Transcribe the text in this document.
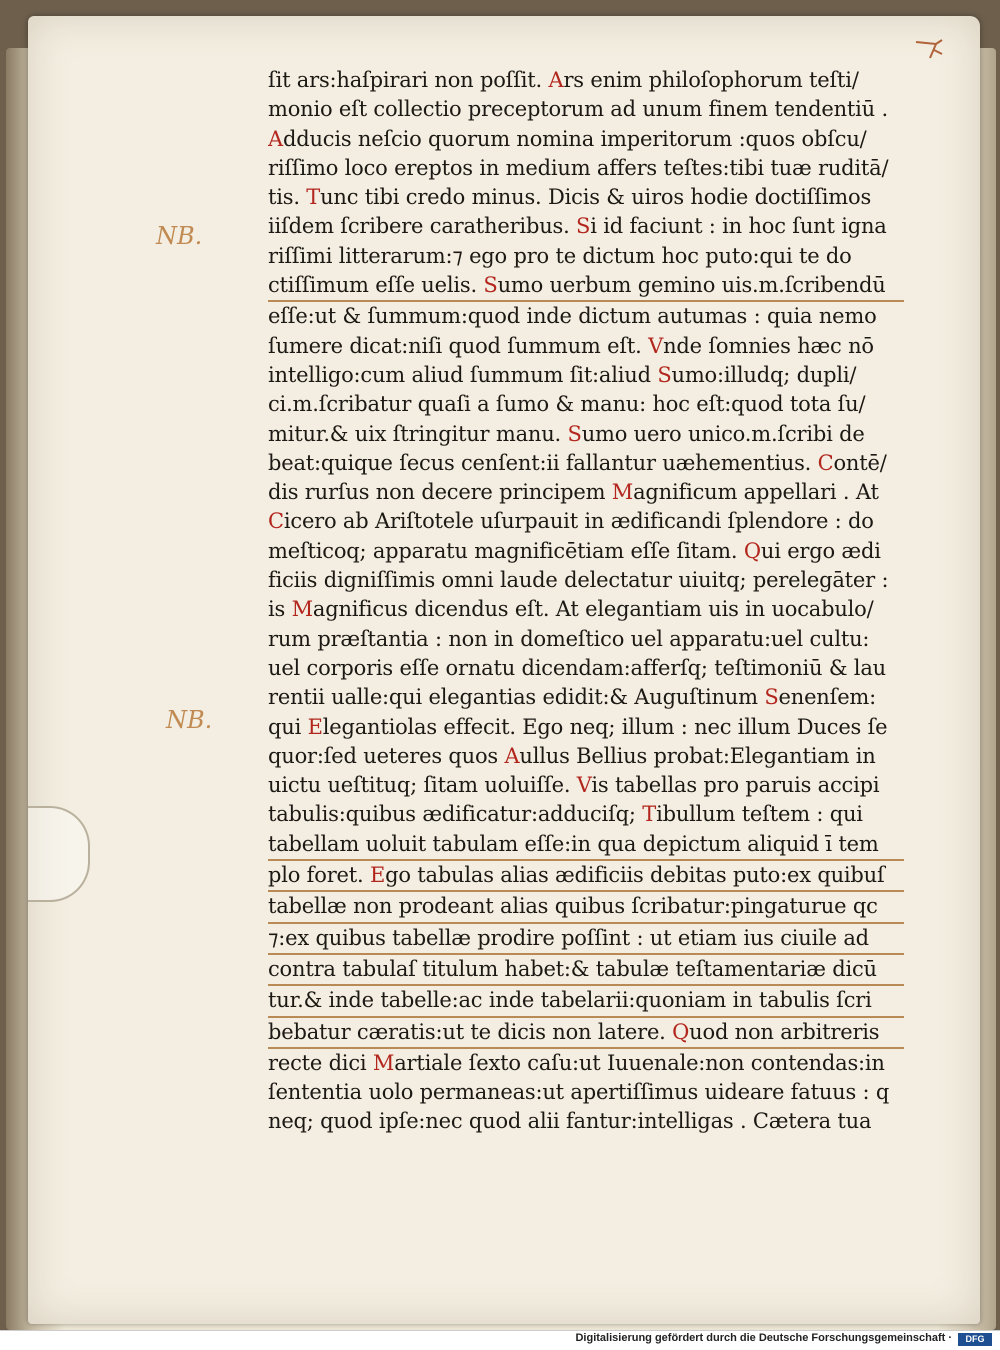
NB.
NB.
ſit ars:haſpirari non poſſit. Ars enim philoſophorum teſti/
monio eſt collectio preceptorum ad unum finem tendentiū .
Adducis neſcio quorum nomina imperitorum :quos obſcu/
riſſimo loco ereptos in medium affers teſtes:tibi tuæ ruditā/
tis. Tunc tibi credo minus. Dicis & uiros hodie doctiſſimos
iiſdem ſcribere caratheribus. Si id faciunt : in hoc ſunt igna
riſſimi litterarum:⁊ ego pro te dictum hoc puto:qui te do
ctiſſimum eſſe uelis. Sumo uerbum gemino uis.m.ſcribendū
eſſe:ut & ſummum:quod inde dictum autumas : quia nemo
ſumere dicat:niſi quod ſummum eſt. Vnde ſomnies hæc nō
intelligo:cum aliud ſummum ſit:aliud Sumo:illudq; dupli/
ci.m.ſcribatur quaſi a ſumo & manu: hoc eſt:quod tota ſu/
mitur.& uix ſtringitur manu. Sumo uero unico.m.ſcribi de
beat:quique ſecus cenſent:ii fallantur uæhementius. Contē/
dis rurſus non decere principem Magnificum appellari . At
Cicero ab Ariſtotele uſurpauit in ædificandi ſplendore : do
meſticoq; apparatu magnificētiam eſſe ſitam. Qui ergo ædi
ficiis digniſſimis omni laude delectatur uiuitq; perelegāter :
is Magnificus dicendus eſt. At elegantiam uis in uocabulo/
rum præſtantia : non in domeſtico uel apparatu:uel cultu:
uel corporis eſſe ornatu dicendam:afferſq; teſtimoniū & lau
rentii ualle:qui elegantias edidit:& Auguſtinum Senenſem:
qui Elegantiolas effecit. Ego neq; illum : nec illum Duces ſe
quor:ſed ueteres quos Aullus Bellius probat:Elegantiam in
uictu ueſtituq; ſitam uoluiſſe. Vis tabellas pro paruis accipi
tabulis:quibus ædificatur:adduciſq; Tibullum teſtem : qui
tabellam uoluit tabulam eſſe:in qua depictum aliquid ī tem
plo foret. Ego tabulas alias ædificiis debitas puto:ex quibuſ
tabellæ non prodeant alias quibus ſcribatur:pingaturue qc
⁊:ex quibus tabellæ prodire poſſint : ut etiam ius ciuile ad
contra tabulaſ titulum habet:& tabulæ teſtamentariæ dicū
tur.& inde tabelle:ac inde tabelarii:quoniam in tabulis ſcri
bebatur cæratis:ut te dicis non latere. Quod non arbitreris
recte dici Martiale ſexto caſu:ut Iuuenale:non contendas:in
ſententia uolo permaneas:ut apertiſſimus uideare fatuus : q
neq; quod ipſe:nec quod alii fantur:intelligas . Cætera tua
Digitalisierung gefördert durch die Deutsche Forschungsgemeinschaft ·	DFG
